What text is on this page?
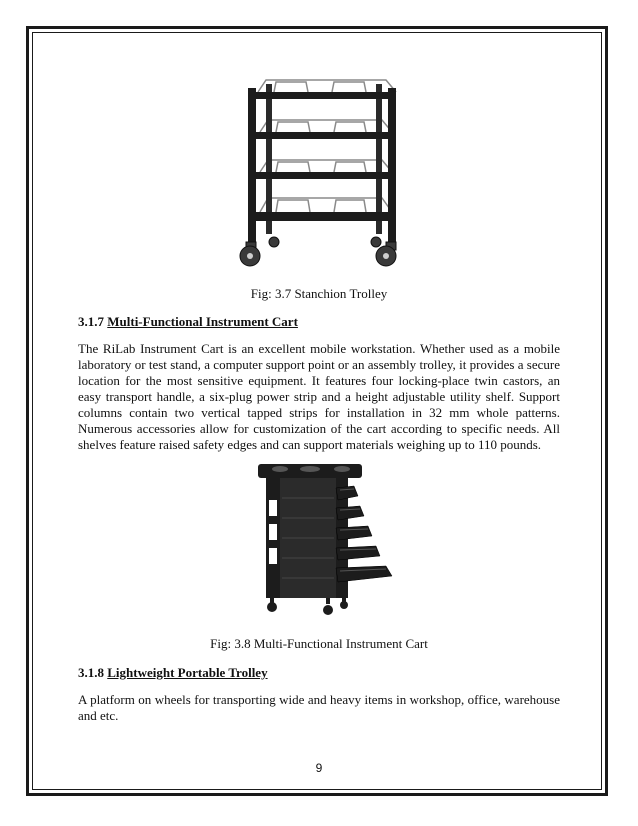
Fig: 3.7 Stanchion Trolley
3.1.7 Multi-Functional Instrument Cart

The RiLab Instrument Cart is an excellent mobile workstation. Whether used as a mobile laboratory or test stand, a computer support point or an assembly trolley, it provides a secure location for the most sensitive equipment. It features four locking-place twin castors, an easy transport handle, a six-plug power strip and a height adjustable utility shelf. Support columns contain two vertical tapped strips for installation in 32 mm whole patterns. Numerous accessories allow for customization of the cart according to specific needs. All shelves feature raised safety edges and can support materials weighing up to 110 pounds.

Fig: 3.8 Multi-Functional Instrument Cart
3.1.8 Lightweight Portable Trolley

A platform on wheels for transporting wide and heavy items in workshop, office, warehouse and etc.

9
